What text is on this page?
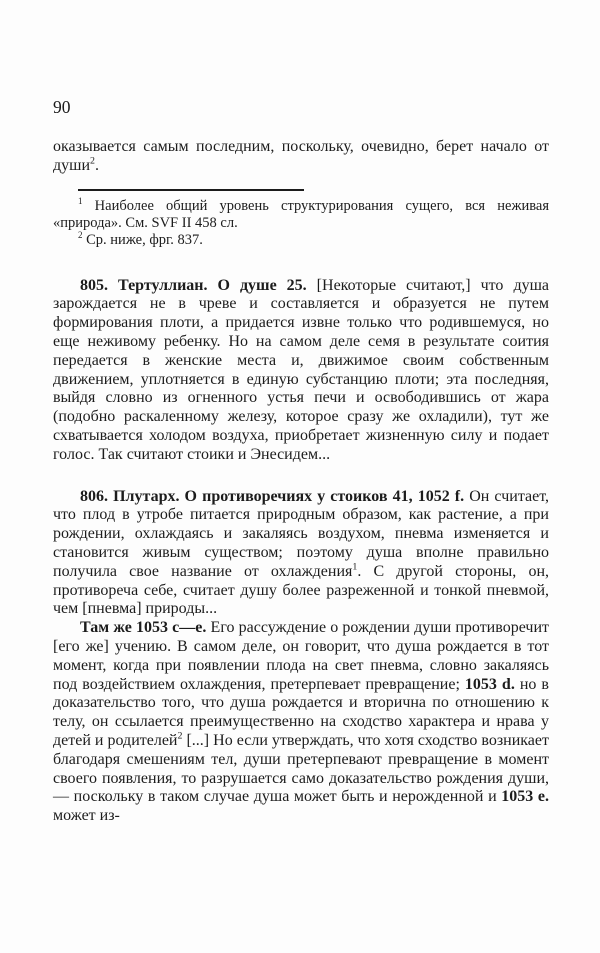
90

оказывается самым последним, поскольку, очевидно, берет начало от души$^2$.

$^1$ Наиболее общий уровень структурирования сущего, вся неживая «природа». См. SVF II 458 сл.

$^2$ Ср. ниже, фрг. 837.

805. Тертуллиан. О душе 25. [Некоторые считают,] что душа зарождается не в чреве и составляется и образуется не путем формирования плоти, а придается извне только что родившемуся, но еще неживому ребенку. Но на самом деле семя в результате соития передается в женские места и, движимое своим собственным движением, уплотняется в единую субстанцию плоти; эта последняя, выйдя словно из огненного устья печи и освободившись от жара (подобно раскаленному железу, которое сразу же охладили), тут же схватывается холодом воздуха, приобретает жизненную силу и подает голос. Так считают стоики и Энесидем...

806. Плутарх. О противоречиях у стоиков 41, 1052 f. Он считает, что плод в утробе питается природным образом, как растение, а при рождении, охлаждаясь и закаляясь воздухом, пневма изменяется и становится живым существом; поэтому душа вполне правильно получила свое название от охлаждения$^1$. С другой стороны, он, противореча себе, считает душу более разреженной и тонкой пневмой, чем [пневма] природы...

Там же 1053 c—e. Его рассуждение о рождении души противоречит [его же] учению. В самом деле, он говорит, что душа рождается в тот момент, когда при появлении плода на свет пневма, словно закаляясь под воздействием охлаждения, претерпевает превращение; 1053 d. но в доказательство того, что душа рождается и вторична по отношению к телу, он ссылается преимущественно на сходство характера и нрава у детей и родителей$^2$ [...] Но если утверждать, что хотя сходство возникает благодаря смешениям тел, души претерпевают превращение в момент своего появления, то разрушается само доказательство рождения души, — поскольку в таком случае душа может быть и нерожденной и 1053 e. может из-
